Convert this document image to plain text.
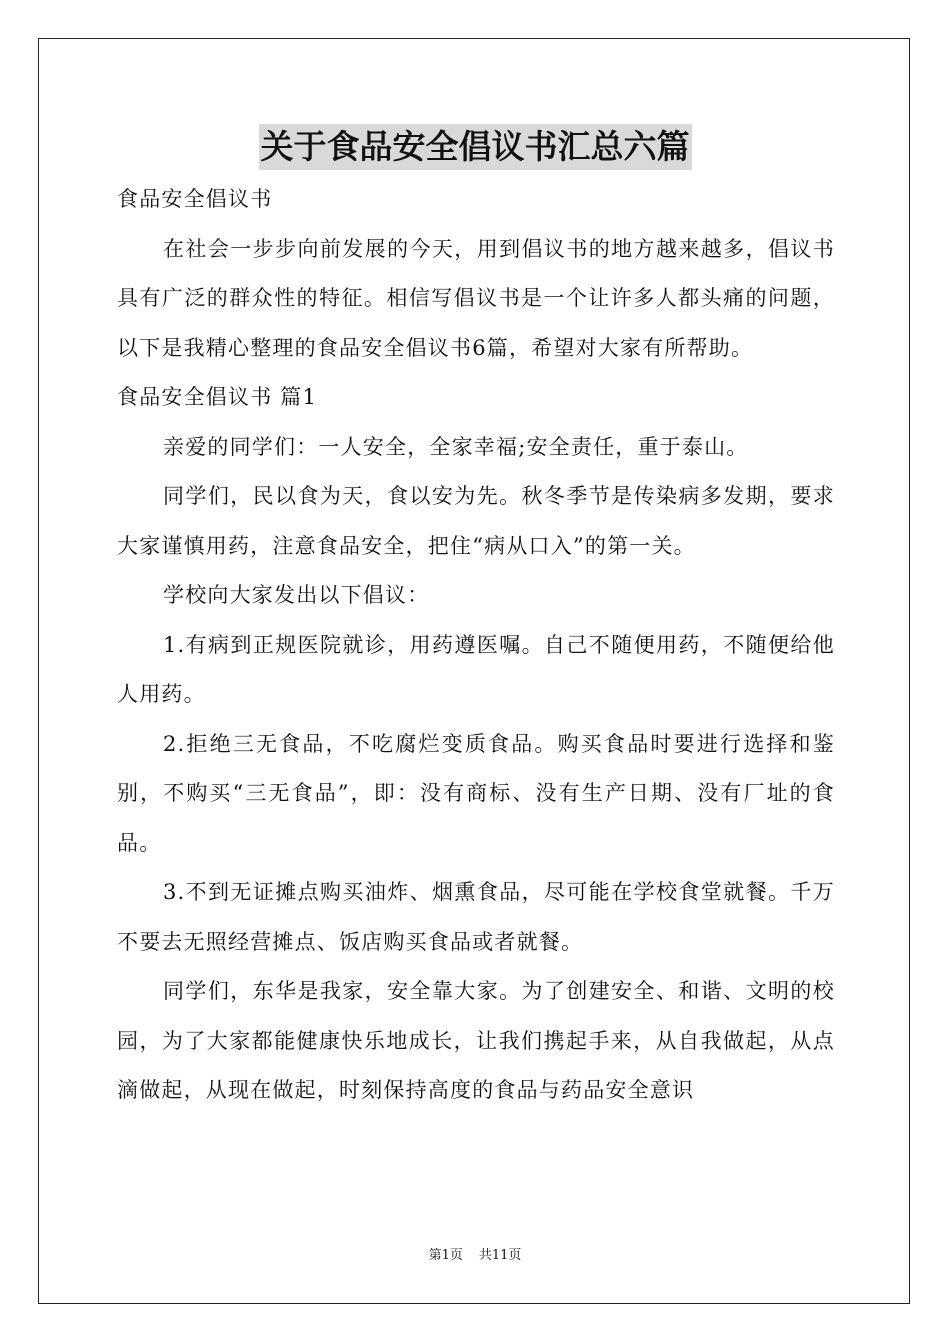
关于食品安全倡议书汇总六篇

食品安全倡议书

在社会一步步向前发展的今天，用到倡议书的地方越来越多，倡议书具有广泛的群众性的特征。相信写倡议书是一个让许多人都头痛的问题，以下是我精心整理的食品安全倡议书6篇，希望对大家有所帮助。

食品安全倡议书 篇1

亲爱的同学们：一人安全，全家幸福;安全责任，重于泰山。

同学们，民以食为天，食以安为先。秋冬季节是传染病多发期，要求大家谨慎用药，注意食品安全，把住“病从口入”的第一关。

学校向大家发出以下倡议：

1.有病到正规医院就诊，用药遵医嘱。自己不随便用药，不随便给他人用药。

2.拒绝三无食品，不吃腐烂变质食品。购买食品时要进行选择和鉴别，不购买“三无食品”，即：没有商标、没有生产日期、没有厂址的食品。

3.不到无证摊点购买油炸、烟熏食品，尽可能在学校食堂就餐。千万不要去无照经营摊点、饭店购买食品或者就餐。

同学们，东华是我家，安全靠大家。为了创建安全、和谐、文明的校园，为了大家都能健康快乐地成长，让我们携起手来，从自我做起，从点滴做起，从现在做起，时刻保持高度的食品与药品安全意识

第1页 共11页
